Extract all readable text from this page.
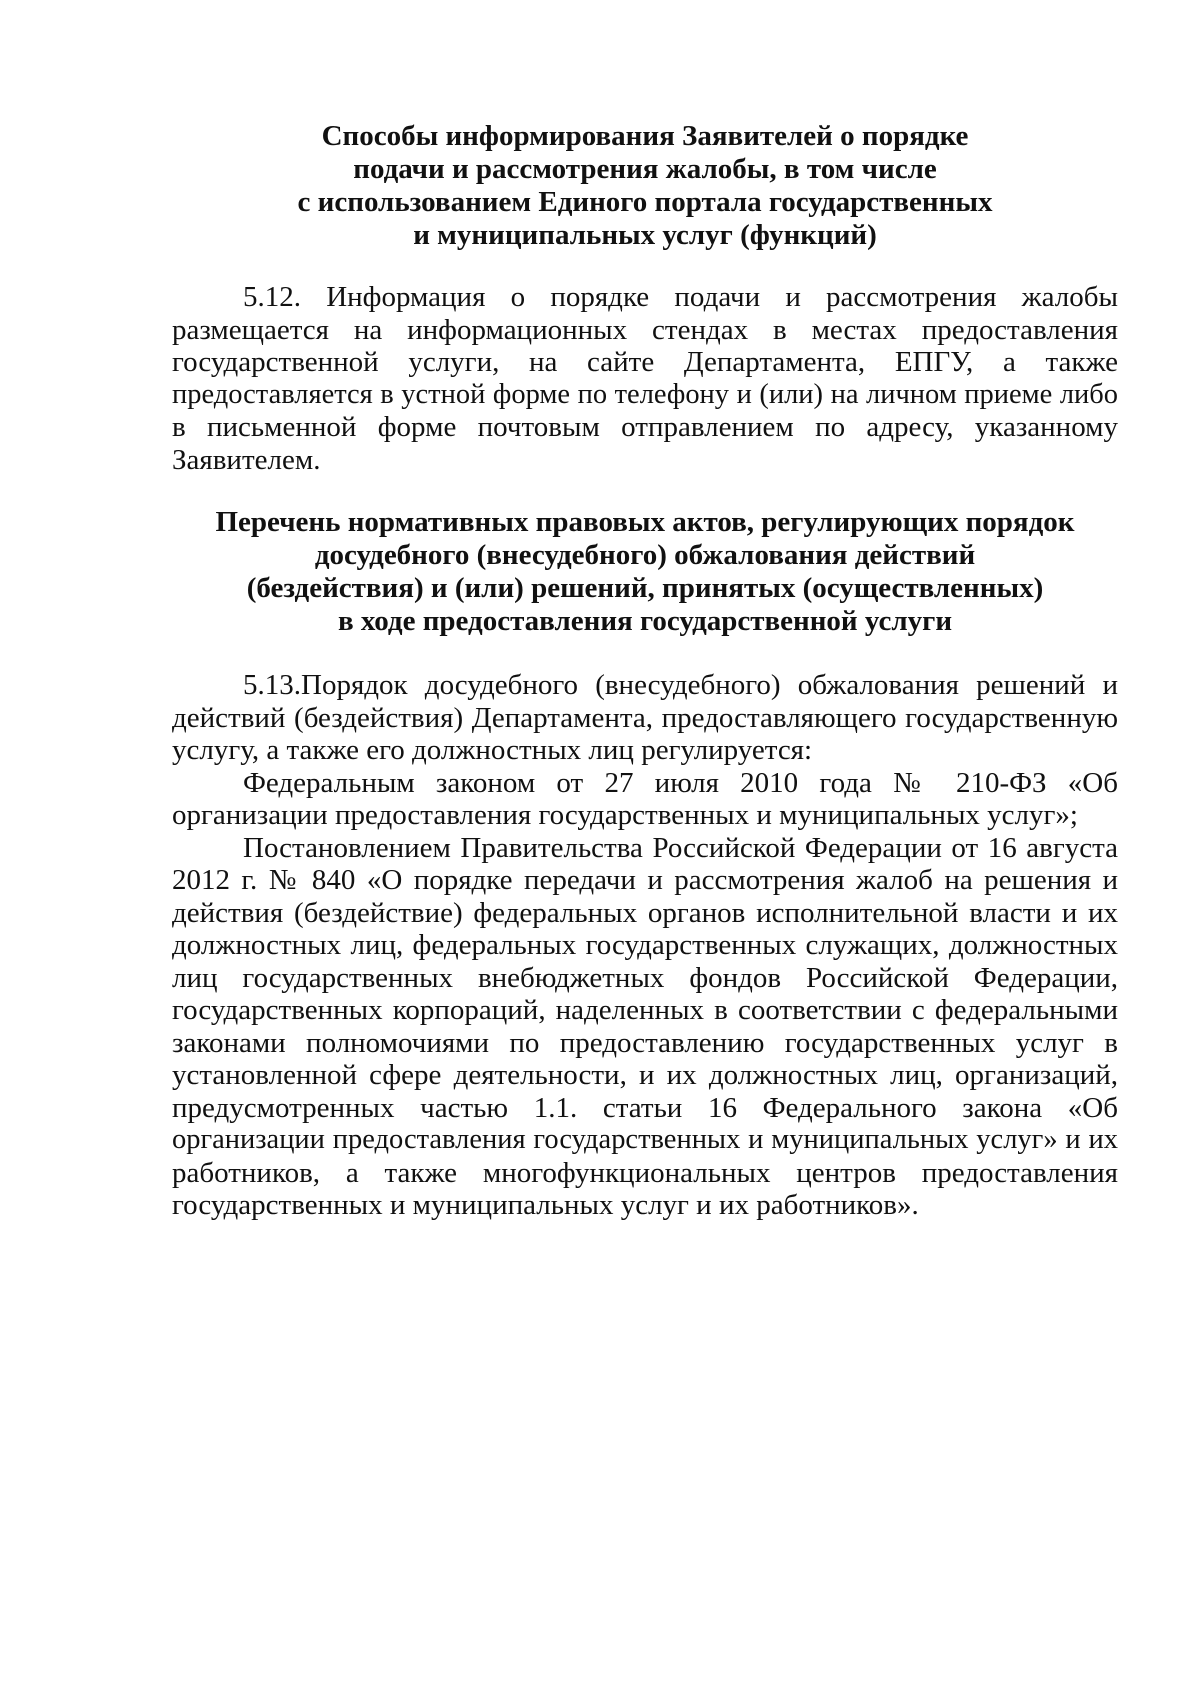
Способы информирования Заявителей о порядке
подачи и рассмотрения жалобы, в том числе
с использованием Единого портала государственных
и муниципальных услуг (функций)
5.12. Информация о порядке подачи и рассмотрения жалобы
размещается на информационных стендах в местах предоставления
государственной услуги, на сайте Департамента, ЕПГУ, а также
предоставляется в устной форме по телефону и (или) на личном приеме либо
в письменной форме почтовым отправлением по адресу, указанному
Заявителем.
Перечень нормативных правовых актов, регулирующих порядок
досудебного (внесудебного) обжалования действий
(бездействия) и (или) решений, принятых (осуществленных)
в ходе предоставления государственной услуги
5.13.Порядок досудебного (внесудебного) обжалования решений и
действий (бездействия) Департамента, предоставляющего государственную
услугу, а также его должностных лиц регулируется:
Федеральным законом от 27 июля 2010 года № 210-ФЗ «Об
организации предоставления государственных и муниципальных услуг»;
Постановлением Правительства Российской Федерации от 16 августа
2012 г. № 840 «О порядке передачи и рассмотрения жалоб на решения и
действия (бездействие) федеральных органов исполнительной власти и их
должностных лиц, федеральных государственных служащих, должностных
лиц государственных внебюджетных фондов Российской Федерации,
государственных корпораций, наделенных в соответствии с федеральными
законами полномочиями по предоставлению государственных услуг в
установленной сфере деятельности, и их должностных лиц, организаций,
предусмотренных частью 1.1. статьи 16 Федерального закона «Об
организации предоставления государственных и муниципальных услуг» и их
работников, а также многофункциональных центров предоставления
государственных и муниципальных услуг и их работников».
